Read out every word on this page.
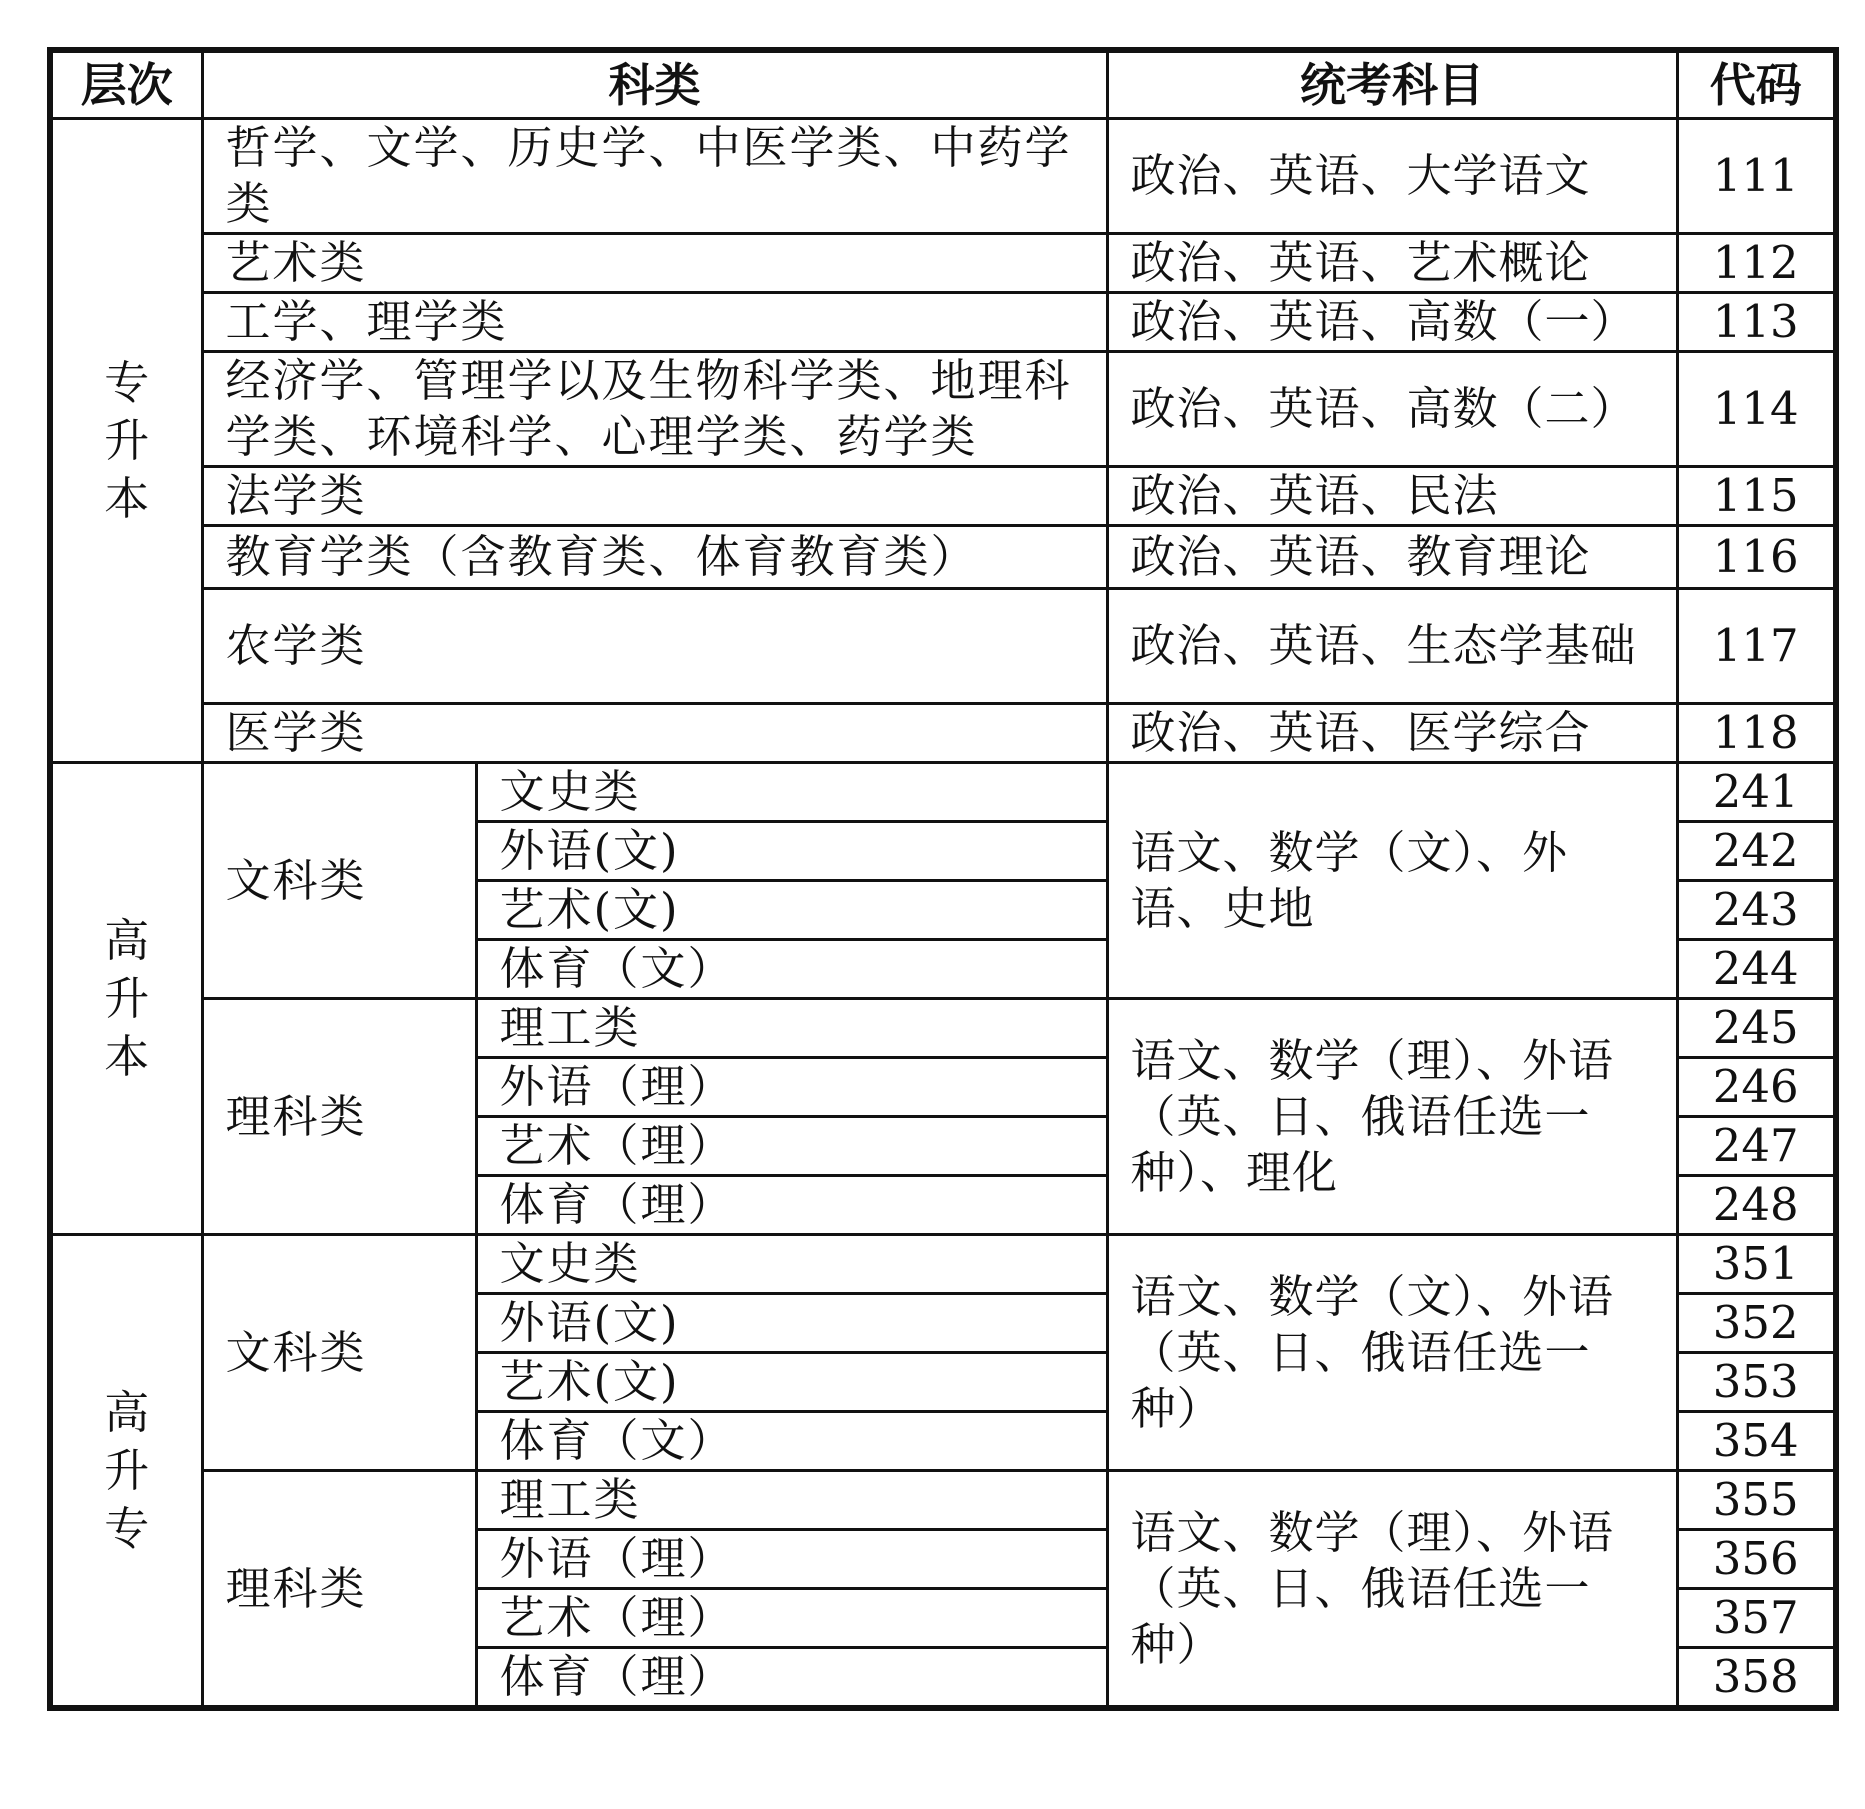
层次	科类		统考科目	代码
专升本	哲学、文学、历史学、中医学类、中药学类		政治、英语、大学语文	111
	艺术类		政治、英语、艺术概论	112
	工学、理学类		政治、英语、高数（一）	113
	经济学、管理学以及生物科学类、地理科学类、环境科学、心理学类、药学类		政治、英语、高数（二）	114
	法学类		政治、英语、民法	115
	教育学类（含教育类、体育教育类）		政治、英语、教育理论	116
	农学类		政治、英语、生态学基础	117
	医学类		政治、英语、医学综合	118
高升本	文科类	文史类	语文、数学（文）、外语、史地	241
		外语(文)		242
		艺术(文)		243
		体育（文）		244
	理科类	理工类	语文、数学（理）、外语（英、日、俄语任选一种）、理化	245
		外语（理）		246
		艺术（理）		247
		体育（理）		248
高升专	文科类	文史类	语文、数学（文）、外语（英、日、俄语任选一种）	351
		外语(文)		352
		艺术(文)		353
		体育（文）		354
	理科类	理工类	语文、数学（理）、外语（英、日、俄语任选一种）	355
		外语（理）		356
		艺术（理）		357
		体育（理）		358
